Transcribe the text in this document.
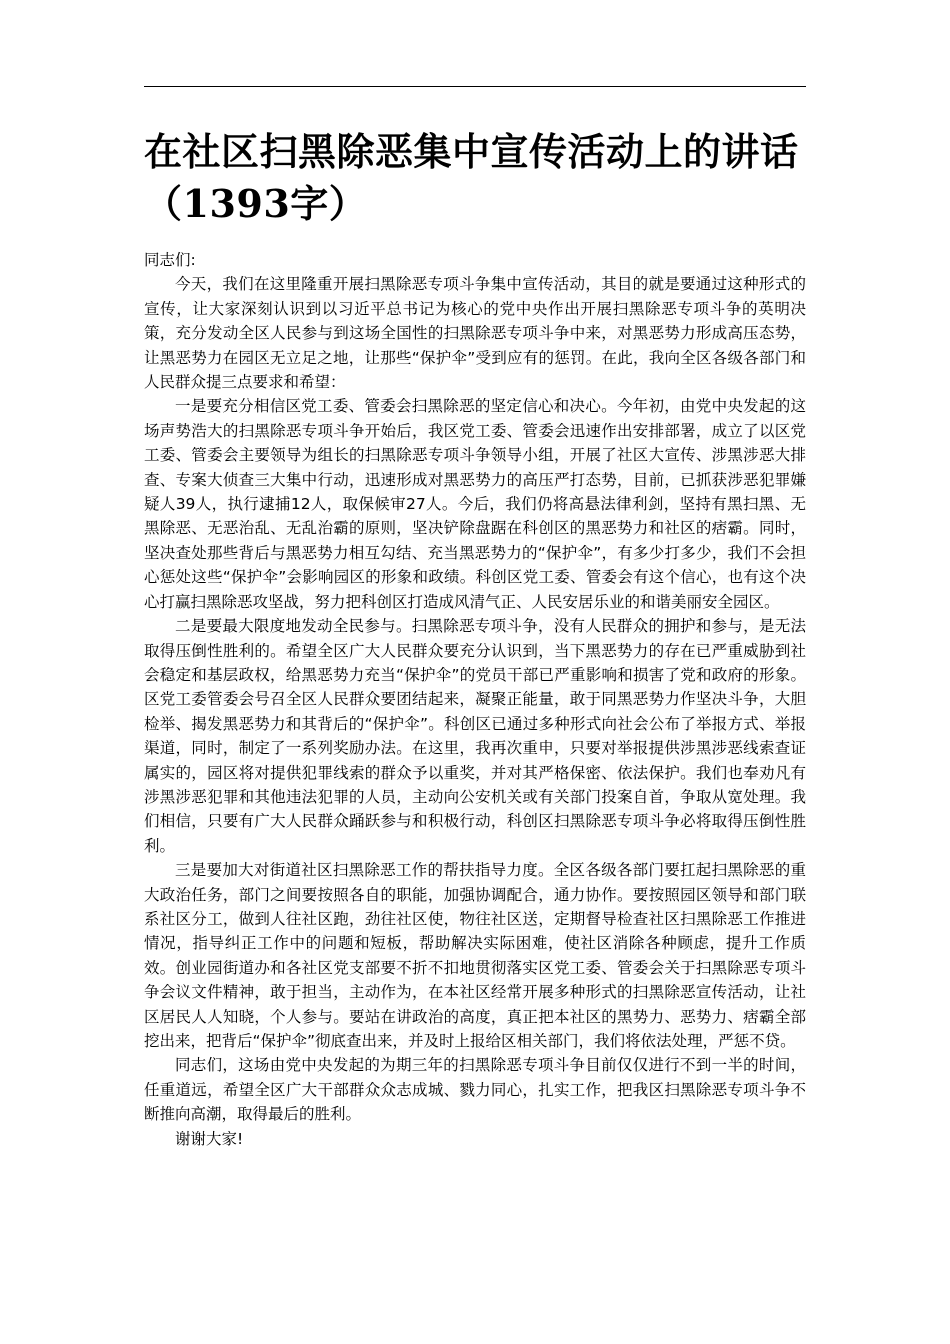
在社区扫黑除恶集中宣传活动上的讲话（1393字）

同志们:

今天，我们在这里隆重开展扫黑除恶专项斗争集中宣传活动，其目的就是要通过这种形式的宣传，让大家深刻认识到以习近平总书记为核心的党中央作出开展扫黑除恶专项斗争的英明决策，充分发动全区人民参与到这场全国性的扫黑除恶专项斗争中来，对黑恶势力形成高压态势，让黑恶势力在园区无立足之地，让那些“保护伞”受到应有的惩罚。在此，我向全区各级各部门和人民群众提三点要求和希望：

一是要充分相信区党工委、管委会扫黑除恶的坚定信心和决心。今年初，由党中央发起的这场声势浩大的扫黑除恶专项斗争开始后，我区党工委、管委会迅速作出安排部署，成立了以区党工委、管委会主要领导为组长的扫黑除恶专项斗争领导小组，开展了社区大宣传、涉黑涉恶大排查、专案大侦查三大集中行动，迅速形成对黑恶势力的高压严打态势，目前，已抓获涉恶犯罪嫌疑人39人，执行逮捕12人，取保候审27人。今后，我们仍将高悬法律利剑，坚持有黑扫黑、无黑除恶、无恶治乱、无乱治霸的原则，坚决铲除盘踞在科创区的黑恶势力和社区的痞霸。同时，坚决查处那些背后与黑恶势力相互勾结、充当黑恶势力的“保护伞”，有多少打多少，我们不会担心惩处这些“保护伞”会影响园区的形象和政绩。科创区党工委、管委会有这个信心，也有这个决心打赢扫黑除恶攻坚战，努力把科创区打造成风清气正、人民安居乐业的和谐美丽安全园区。

二是要最大限度地发动全民参与。扫黑除恶专项斗争，没有人民群众的拥护和参与，是无法取得压倒性胜利的。希望全区广大人民群众要充分认识到，当下黑恶势力的存在已严重威胁到社会稳定和基层政权，给黑恶势力充当“保护伞”的党员干部已严重影响和损害了党和政府的形象。区党工委管委会号召全区人民群众要团结起来，凝聚正能量，敢于同黑恶势力作坚决斗争，大胆检举、揭发黑恶势力和其背后的“保护伞”。科创区已通过多种形式向社会公布了举报方式、举报渠道，同时，制定了一系列奖励办法。在这里，我再次重申，只要对举报提供涉黑涉恶线索查证属实的，园区将对提供犯罪线索的群众予以重奖，并对其严格保密、依法保护。我们也奉劝凡有涉黑涉恶犯罪和其他违法犯罪的人员，主动向公安机关或有关部门投案自首，争取从宽处理。我们相信，只要有广大人民群众踊跃参与和积极行动，科创区扫黑除恶专项斗争必将取得压倒性胜利。

三是要加大对街道社区扫黑除恶工作的帮扶指导力度。全区各级各部门要扛起扫黑除恶的重大政治任务，部门之间要按照各自的职能，加强协调配合，通力协作。要按照园区领导和部门联系社区分工，做到人往社区跑，劲往社区使，物往社区送，定期督导检查社区扫黑除恶工作推进情况，指导纠正工作中的问题和短板，帮助解决实际困难，使社区消除各种顾虑，提升工作质效。创业园街道办和各社区党支部要不折不扣地贯彻落实区党工委、管委会关于扫黑除恶专项斗争会议文件精神，敢于担当，主动作为，在本社区经常开展多种形式的扫黑除恶宣传活动，让社区居民人人知晓，个人参与。要站在讲政治的高度，真正把本社区的黑势力、恶势力、痞霸全部挖出来，把背后“保护伞”彻底查出来，并及时上报给区相关部门，我们将依法处理，严惩不贷。

同志们，这场由党中央发起的为期三年的扫黑除恶专项斗争目前仅仅进行不到一半的时间，任重道远，希望全区广大干部群众众志成城、戮力同心，扎实工作，把我区扫黑除恶专项斗争不断推向高潮，取得最后的胜利。

谢谢大家!
